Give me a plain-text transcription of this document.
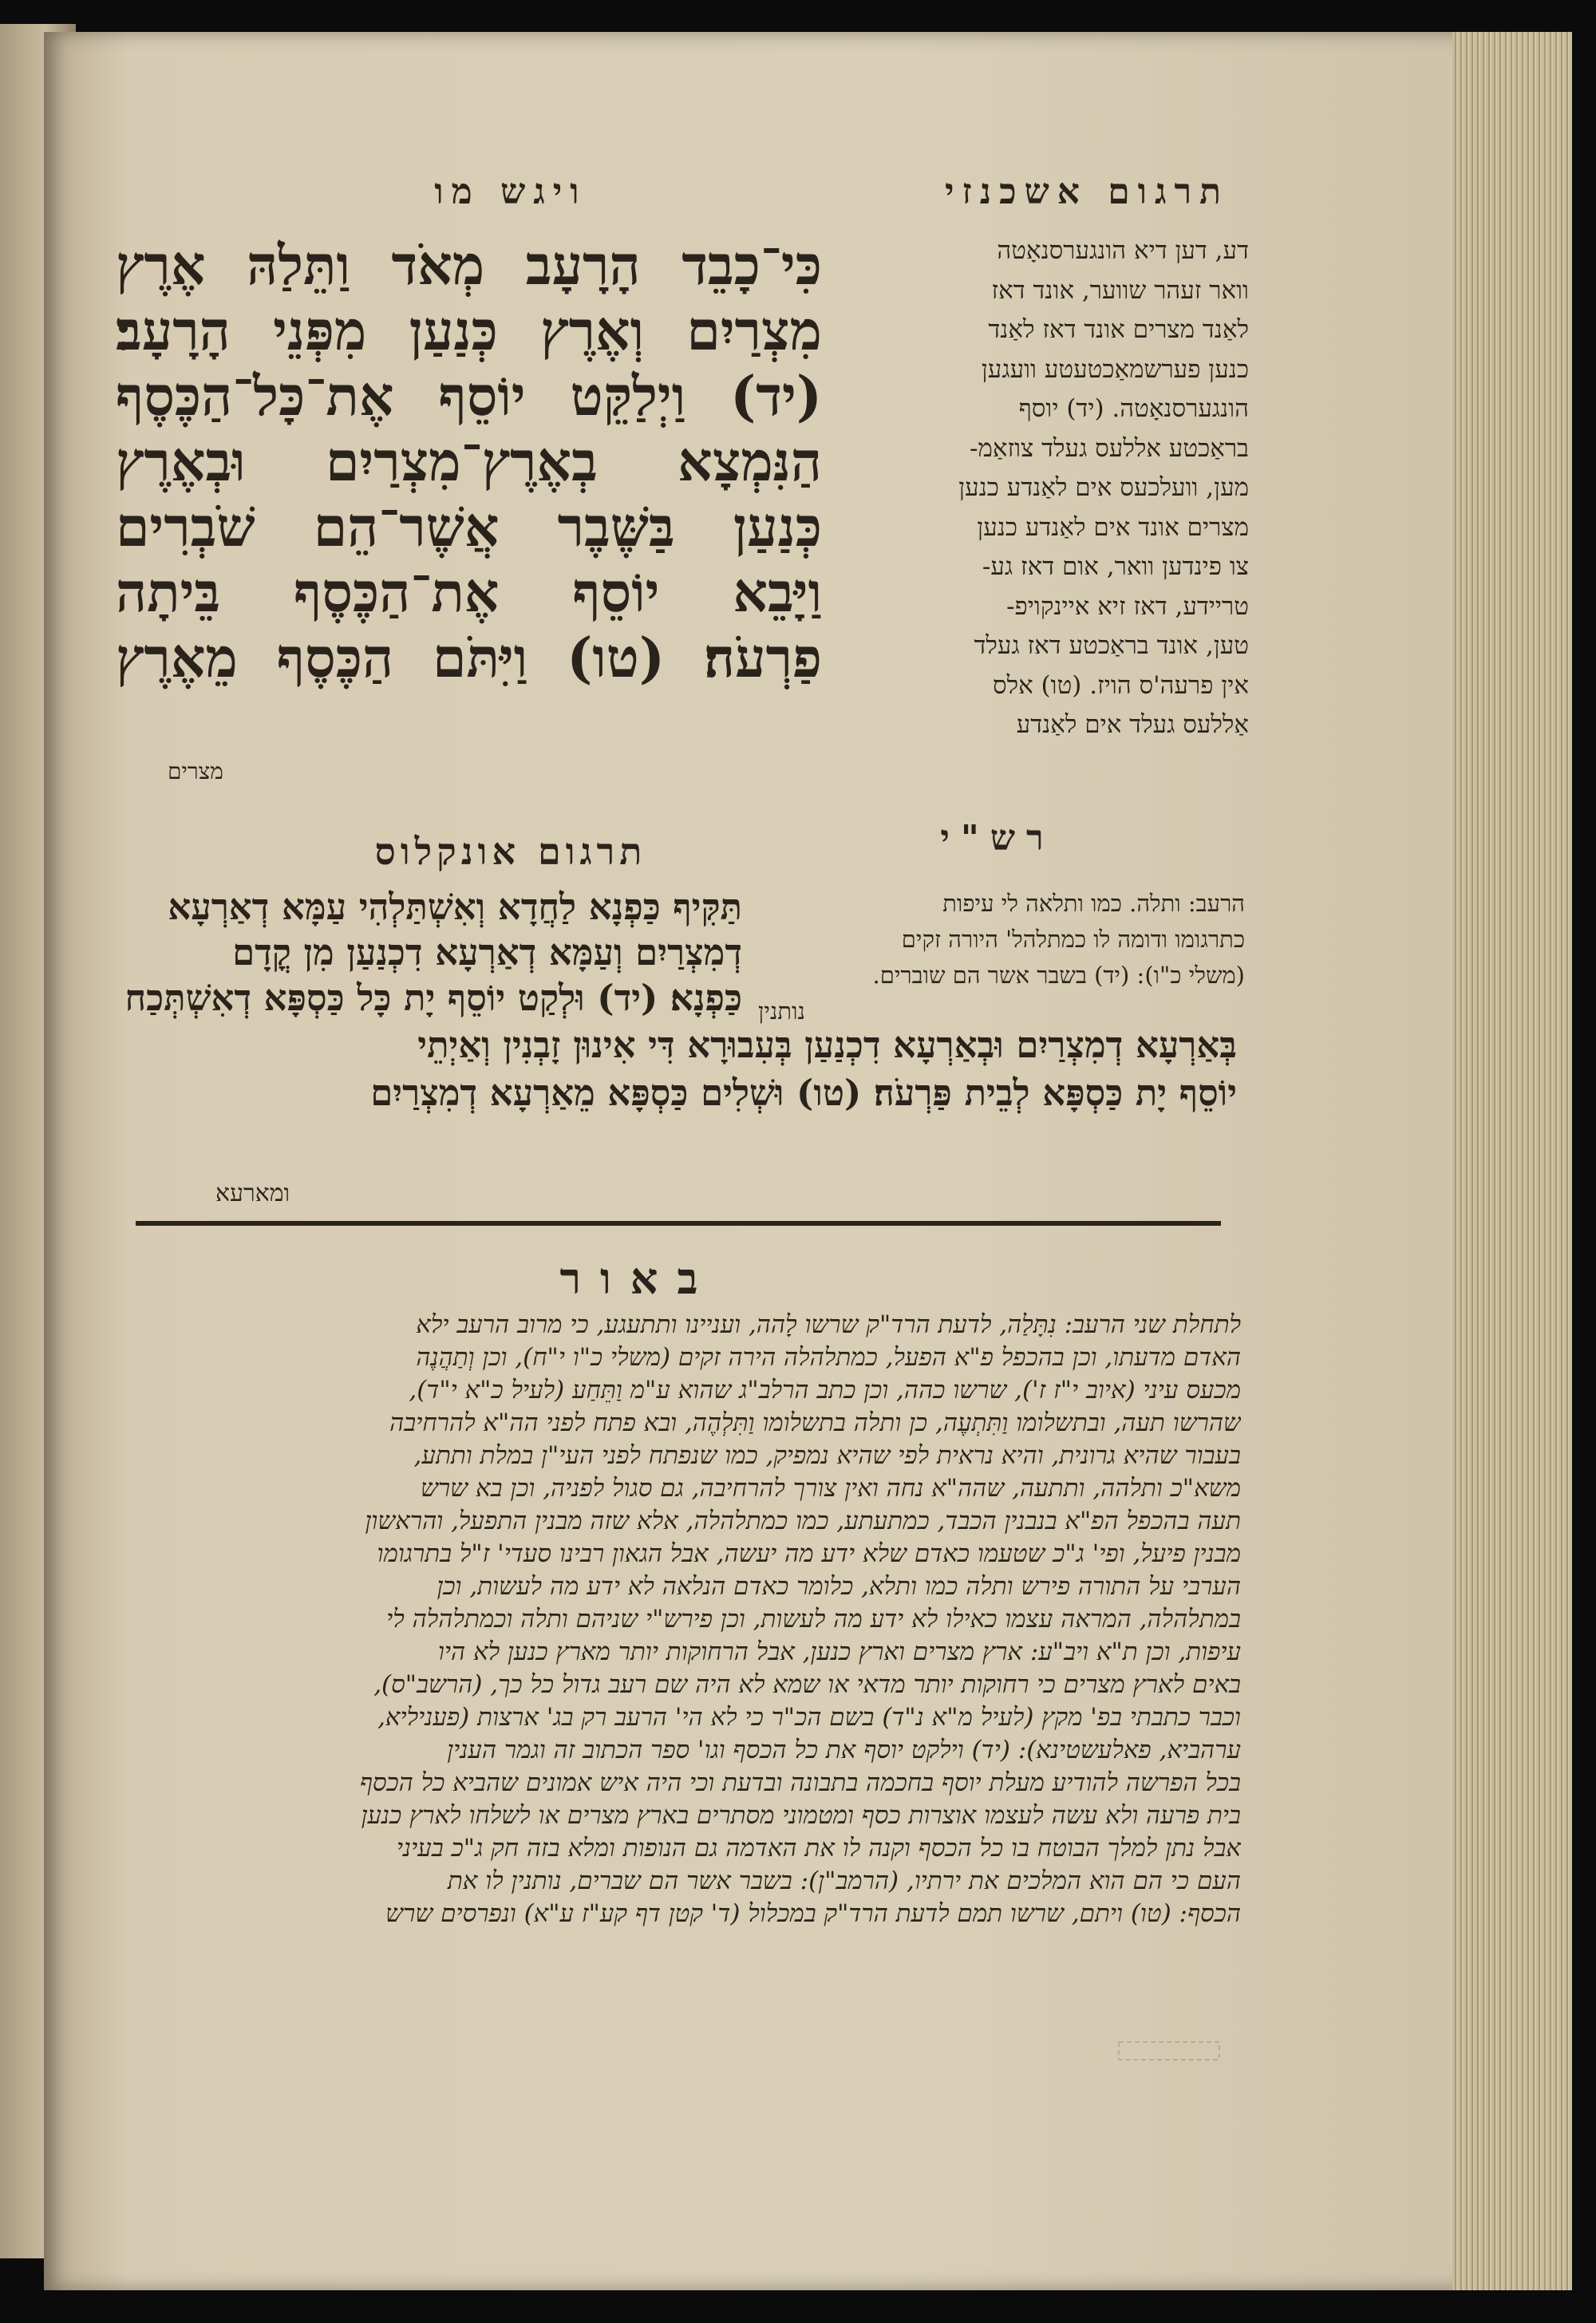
תרגום אשכנזי
ויגש מו
דע, דען דיא הונגערסנאָטה
וואר זעהר שווער, אונד דאז
לאַנד מצרים אונד דאז לאַנד
כנען פערשמאַכטעטע וועגען
הונגערסנאָטה. (יד) יוסף
בראַכטע אללעס געלד צוזאַמ-
מען, וועלכעס אים לאַנדע כנען
מצרים אונד אים לאַנדע כנען
צו פינדען וואר, אום דאז גע-
טריידע, דאז זיא איינקויפ-
טען, אונד בראַכטע דאז געלד
אין פרעה'ס הויז. (טו) אלס
אַללעס געלד אים לאַנדע
כִּי־כָבֵד הָרָעָב מְאֹד וַתֵּלַהּ אֶרֶץ
מִצְרַיִם וְאֶרֶץ כְּנַעַן מִפְּנֵי הָרָעָב׃
(יד) וַיְלַקֵּט יוֹסֵף אֶת־כָּל־הַכֶּסֶף
הַנִּמְצָא בְאֶרֶץ־מִצְרַיִם וּבְאֶרֶץ
כְּנַעַן בַּשֶּׁבֶר אֲשֶׁר־הֵם שֹׁבְרִים
וַיָּבֵא יוֹסֵף אֶת־הַכֶּסֶף בֵּיתָה
פַרְעֹה׃ (טו) וַיִּתֹּם הַכֶּסֶף מֵאֶרֶץ
מצרים
רש"י
הרעב: ותלה. כמו ותלאה לי עיפות
כתרגומו ודומה לו כמתלהל' היורה זקים
(משלי כ"ו): (יד) בשבר אשר הם שוברים.
נותנין
תרגום אונקלוס
תַּקִּיף כַּפְנָא לַחֲדָא וְאִשְׁתַּלְהִי עַמָּא דְאַרְעָא
דְמִצְרַיִם וְעַמָּא דְאַרְעָא דִכְנַעַן מִן קֳדָם
כַּפְנָא׃ (יד) וּלְקַט יוֹסֵף יָת כָּל כַּסְפָּא דְאִשְׁתְּכַח
בְּאַרְעָא דְמִצְרַיִם וּבְאַרְעָא דִכְנַעַן בְּעִבוּרָא דִּי אִינוּן זָבְנִין וְאַיְתֵי
יוֹסֵף יָת כַּסְפָּא לְבֵית פַּרְעֹה׃ (טו) וּשְׁלִים כַּסְפָּא מֵאַרְעָא דְמִצְרַיִם
ומארעא
באור
לתחלת שני הרעב: נִתָּלַה, לדעת הרד"ק שרשו לָהה, ועניינו ותתעגע, כי מרוב הרעב ילא
האדם מדעתו, וכן בהכפל פ"א הפעל, כמתלהלה הירה זקים (משלי כ"ו י"ח), וכן וְתַהֲנֶה
מכעס עיני (איוב י"ז ז'), שרשו כהה, וכן כתב הרלב"ג שהוא ע"מ וַתֵּחַע (לעיל כ"א י"ד),
שהרשו תעה, ובתשלומו וַתִּתְעֶה, כן ותלה בתשלומו וַתִּלְהֶה, ובא פתח לפני הה"א להרחיבה
בעבור שהיא גרונית, והיא נראית לפי שהיא נמפיק, כמו שנפתח לפני העי"ן במלת ותתע,
משא"כ ותלהה, ותתעה, שהה"א נחה ואין צורך להרחיבה, גם סגול לפניה, וכן בא שרש
תעה בהכפל הפ"א בנבנין הכבד, כמתעתע, כמו כמתלהלה, אלא שזה מבנין התפעל, והראשון
מבנין פיעל, ופי' ג"כ שטעמו כאדם שלא ידע מה יעשה, אבל הגאון רבינו סעדי' ז"ל בתרגומו
הערבי על התורה פירש ותלה כמו ותלא, כלומר כאדם הנלאה לא ידע מה לעשות, וכן
במתלהלה, המראה עצמו כאילו לא ידע מה לעשות, וכן פירש"י שניהם ותלה וכמתלהלה לי
עיפות, וכן ת"א ויב"ע: ארץ מצרים וארץ כנען, אבל הרחוקות יותר מארץ כנען לא היו
באים לארץ מצרים כי רחוקות יותר מדאי או שמא לא היה שם רעב גדול כל כך, (הרשב"ס),
וכבר כתבתי בפ' מקץ (לעיל מ"א נ"ד) בשם הכ"ר כי לא הי' הרעב רק בג' ארצות (פעניליא,
ערהביא, פאלעשטינא): (יד) וילקט יוסף את כל הכסף וגו' ספר הכתוב זה וגמר הענין
בכל הפרשה להודיע מעלת יוסף בחכמה בתבונה ובדעת וכי היה איש אמונים שהביא כל הכסף
בית פרעה ולא עשה לעצמו אוצרות כסף ומטמוני מסתרים בארץ מצרים או לשלחו לארץ כנען
אבל נתן למלך הבוטח בו כל הכסף וקנה לו את האדמה גם הנופות ומלא בזה חק ג"כ בעיני
העם כי הם הוא המלכים את ירתיו, (הרמב"ן): בשבר אשר הם שברים, נותנין לו את
הכסף: (טו) ויתם, שרשו תמם לדעת הרד"ק במכלול (ד' קטן דף קע"ז ע"א) ונפרסים שרש
